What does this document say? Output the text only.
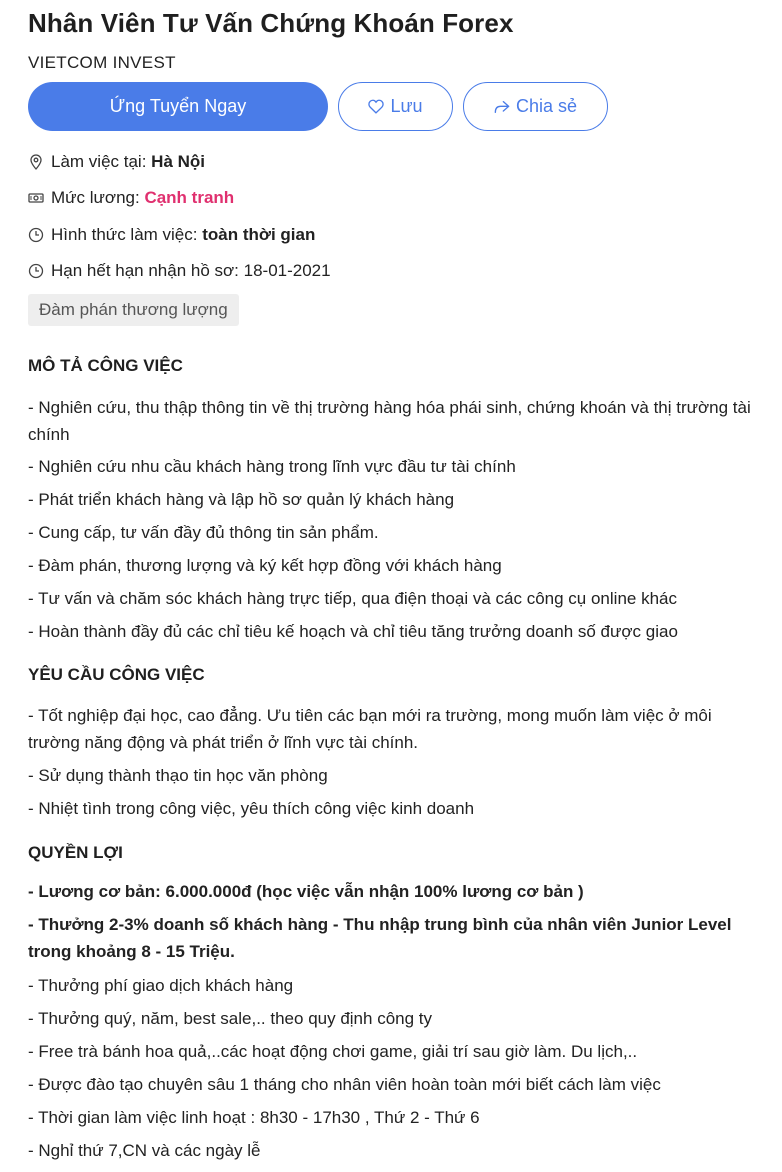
Nhân Viên Tư Vấn Chứng Khoán Forex
VIETCOM INVEST
Ứng Tuyển Ngay	Lưu	Chia sẻ
Làm việc tại:
Hà Nội
Mức lương:
Cạnh tranh
Hình thức làm việc:
toàn thời gian
Hạn hết hạn nhận hồ sơ: 18-01-2021
Đàm phán thương lượng
MÔ TẢ CÔNG VIỆC
- Nghiên cứu, thu thập thông tin về thị trường hàng hóa phái sinh, chứng khoán và thị trường tài chính
- Nghiên cứu nhu cầu khách hàng trong lĩnh vực đầu tư tài chính
- Phát triển khách hàng và lập hồ sơ quản lý khách hàng
- Cung cấp, tư vấn đầy đủ thông tin sản phẩm.
- Đàm phán, thương lượng và ký kết hợp đồng với khách hàng
- Tư vấn và chăm sóc khách hàng trực tiếp, qua điện thoại và các công cụ online khác
- Hoàn thành đầy đủ các chỉ tiêu kế hoạch và chỉ tiêu tăng trưởng doanh số được giao
YÊU CẦU CÔNG VIỆC
- Tốt nghiệp đại học, cao đẳng. Ưu tiên các bạn mới ra trường, mong muốn làm việc ở môi trường năng động và phát triển ở lĩnh vực tài chính.
- Sử dụng thành thạo tin học văn phòng
- Nhiệt tình trong công việc, yêu thích công việc kinh doanh
QUYỀN LỢI
- Lương cơ bản: 6.000.000đ (học việc vẫn nhận 100% lương cơ bản )
- Thưởng 2-3% doanh số khách hàng - Thu nhập trung bình của nhân viên Junior Level trong khoảng 8 - 15 Triệu.
- Thưởng phí giao dịch khách hàng
- Thưởng quý, năm, best sale,.. theo quy định công ty
- Free trà bánh hoa quả,..các hoạt động chơi game, giải trí sau giờ làm. Du lịch,..
- Được đào tạo chuyên sâu 1 tháng cho nhân viên hoàn toàn mới biết cách làm việc
- Thời gian làm việc linh hoạt : 8h30 - 17h30 , Thứ 2 - Thứ 6
- Nghỉ thứ 7,CN và các ngày lễ
